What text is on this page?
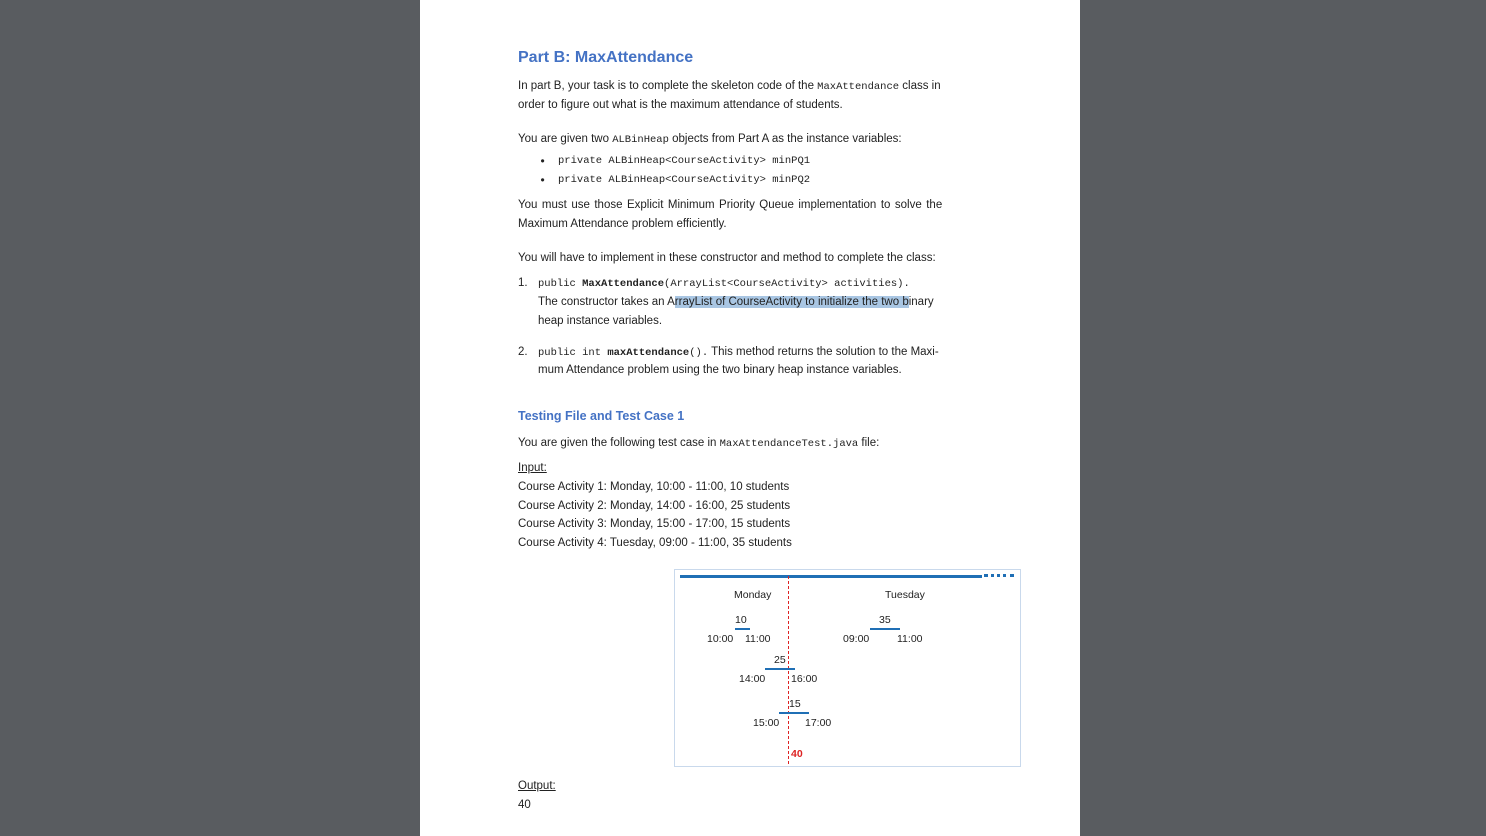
Part B: MaxAttendance
In part B, your task is to complete the skeleton code of the MaxAttendance class in
order to figure out what is the maximum attendance of students.
You are given two ALBinHeap objects from Part A as the instance variables:
• private ALBinHeap<CourseActivity> minPQ1
• private ALBinHeap<CourseActivity> minPQ2
You must use those Explicit Minimum Priority Queue implementation to solve the
Maximum Attendance problem efficiently.
You will have to implement in these constructor and method to complete the class:
1. public MaxAttendance(ArrayList<CourseActivity> activities).
The constructor takes an ArrayList of CourseActivity to initialize the two binary
heap instance variables.
2. public int maxAttendance(). This method returns the solution to the Maxi-
mum Attendance problem using the two binary heap instance variables.
Testing File and Test Case 1
You are given the following test case in MaxAttendanceTest.java file:
Input:
Course Activity 1: Monday, 10:00 - 11:00, 10 students
Course Activity 2: Monday, 14:00 - 16:00, 25 students
Course Activity 3: Monday, 15:00 - 17:00, 15 students
Course Activity 4: Tuesday, 09:00 - 11:00, 35 students
Monday	Tuesday
10
10:00 11:00
25
14:00 16:00
15
15:00 17:00
35
09:00	11:00
40
Output:
40
